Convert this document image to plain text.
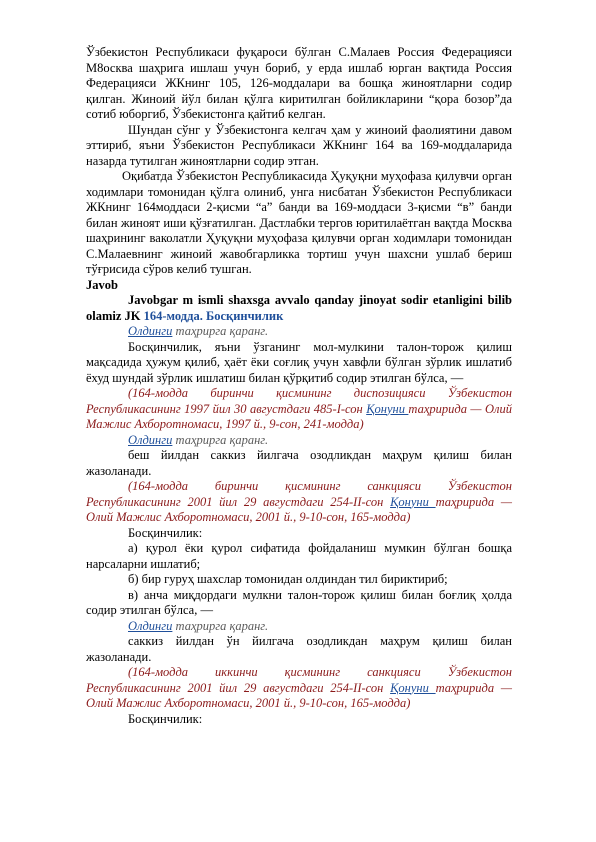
Ўзбекистон Республикаси фуқароси бўлган С.Малаев Россия Федерацияси М8осква шаҳрига ишлаш учун бориб, у ерда ишлаб юрган вақтида Россия Федерацияси ЖКнинг 105, 126-моддалари ва бошқа жиноятларни содир қилган. Жиноий йўл билан қўлга киритилган бойликларини “қора бозор”да сотиб юборгиб, Ўзбекистонга қайтиб келган.

Шундан сўнг у Ўзбекистонга келгач ҳам у жиноий фаолиятини давом эттириб, яъни Ўзбекистон Республикаси ЖКнинг 164 ва 169-моддаларида назарда тутилган жиноятларни содир этган.

Оқибатда Ўзбекистон Республикасида Ҳуқуқни муҳофаза қилувчи орган ходимлари томонидан қўлга олиниб, унга нисбатан Ўзбекистон Республикаси ЖКнинг 164моддаси 2-қисми “а” банди ва 169-моддаси 3-қисми “в” банди билан жиноят иши қўзғатилган. Дастлабки тергов юритилаётган вақтда Москва шаҳрининг ваколатли Ҳуқуқни муҳофаза қилувчи орган ходимлари томонидан С.Малаевнинг жиноий жавобгарликка тортиш учун шахсни ушлаб бериш тўғрисида сўров келиб тушган.

Javob

Javobgar m ismli shaxsga avvalo qanday jinoyat sodir etanligini bilib olamiz JK 164-модда. Босқинчилик

Олдинги таҳрирга қаранг.

Босқинчилик, яъни ўзганинг мол-мулкини талон-торож қилиш мақсадида ҳужум қилиб, ҳаёт ёки соғлиқ учун хавфли бўлган зўрлик ишлатиб ёхуд шундай зўрлик ишлатиш билан қўрқитиб содир этилган бўлса, —

(164-модда биринчи қисмининг диспозицияси Ўзбекистон Республикасининг 1997 йил 30 августдаги 485-I-сон Қонуни таҳририда — Олий Мажлис Ахборотномаси, 1997 й., 9-сон, 241-модда)

Олдинги таҳрирга қаранг.

беш йилдан саккиз йилгача озодликдан маҳрум қилиш билан жазоланади.

(164-модда биринчи қисмининг санкцияси Ўзбекистон Республикасининг 2001 йил 29 августдаги 254-II-сон Қонуни таҳририда — Олий Мажлис Ахборотномаси, 2001 й., 9-10-сон, 165-модда)

Босқинчилик:

а) қурол ёки қурол сифатида фойдаланиш мумкин бўлган бошқа нарсаларни ишлатиб;

б) бир гуруҳ шахслар томонидан олдиндан тил бириктириб;

в) анча миқдордаги мулкни талон-торож қилиш билан боғлиқ ҳолда содир этилган бўлса, —

Олдинги таҳрирга қаранг.

саккиз йилдан ўн йилгача озодликдан маҳрум қилиш билан жазоланади.

(164-модда иккинчи қисмининг санкцияси Ўзбекистон Республикасининг 2001 йил 29 августдаги 254-II-сон Қонуни таҳририда — Олий Мажлис Ахборотномаси, 2001 й., 9-10-сон, 165-модда)

Босқинчилик:
